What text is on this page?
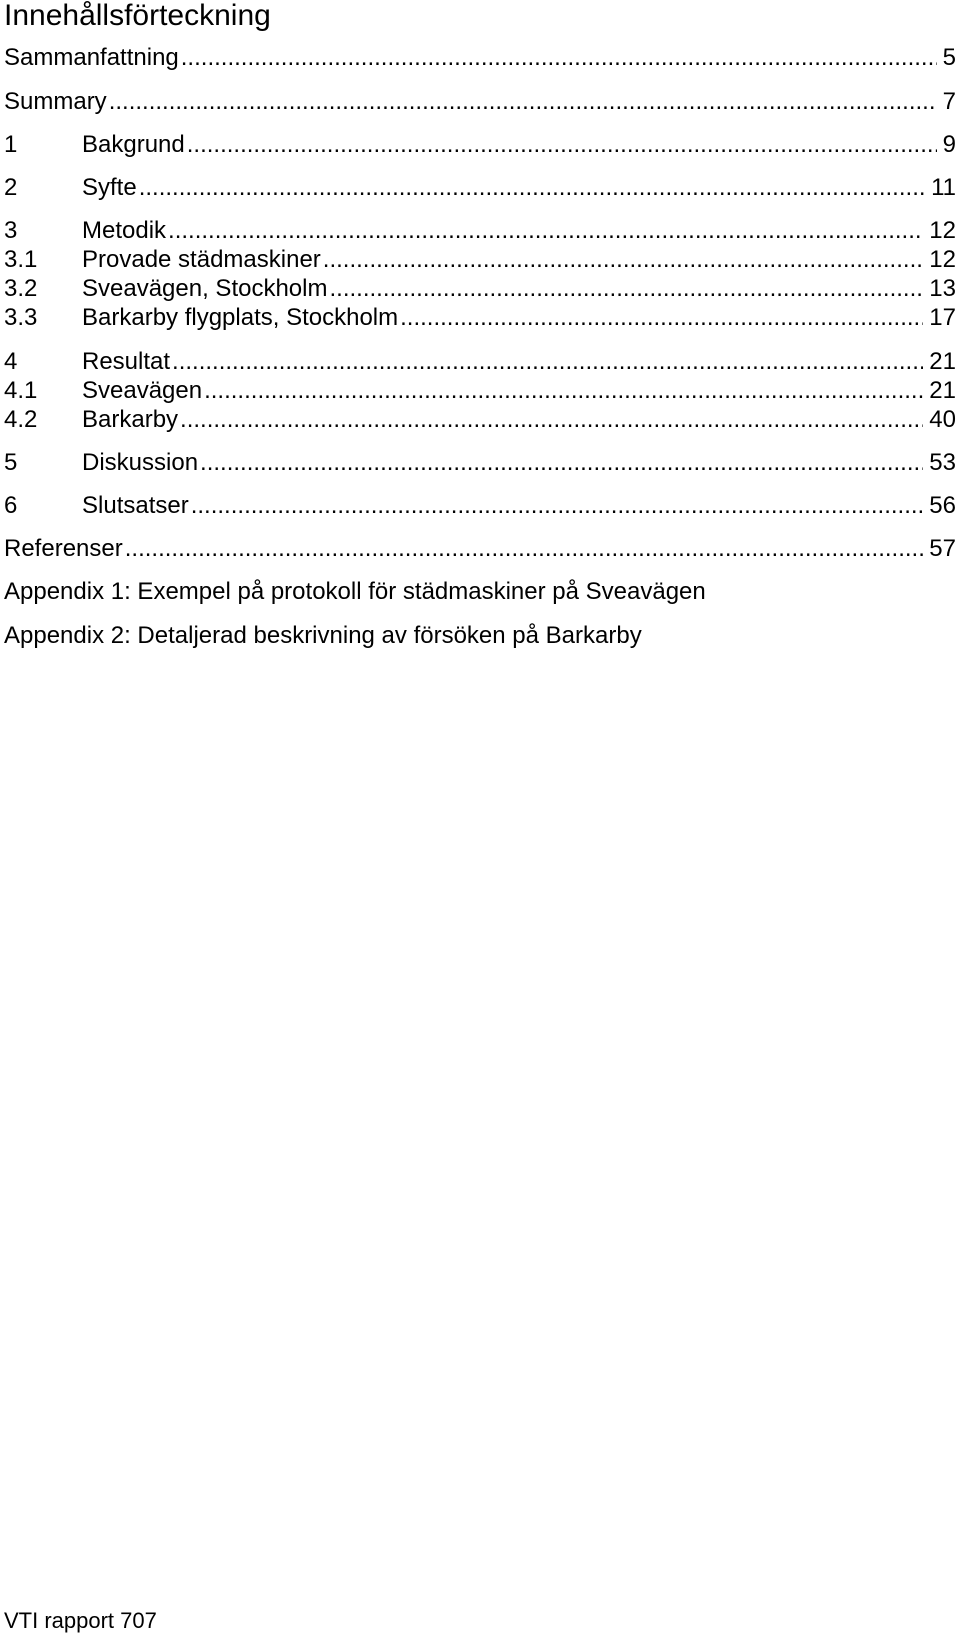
Innehållsförteckning
Sammanfattning .....	5
Summary .....	7
1	Bakgrund .....	9
2	Syfte .....	11
3	Metodik .....	12
3.1	Provade städmaskiner .....	12
3.2	Sveavägen, Stockholm .....	13
3.3	Barkarby flygplats, Stockholm .....	17
4	Resultat .....	21
4.1	Sveavägen .....	21
4.2	Barkarby .....	40
5	Diskussion .....	53
6	Slutsatser .....	56
Referenser .....	57
Appendix 1: Exempel på protokoll för städmaskiner på Sveavägen
Appendix 2: Detaljerad beskrivning av försöken på Barkarby
VTI rapport 707
